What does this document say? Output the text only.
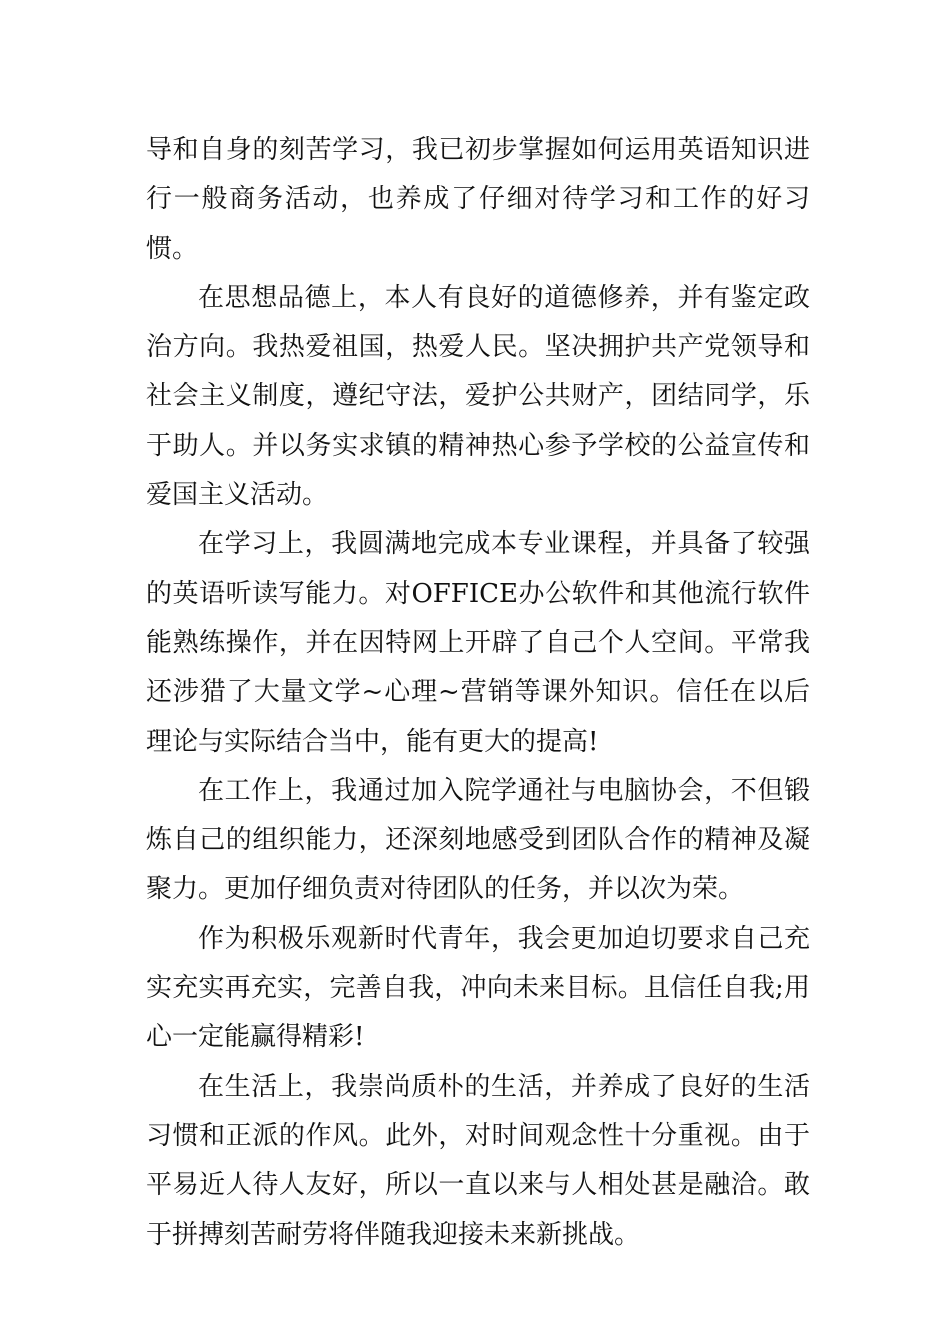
导和自身的刻苦学习，我已初步掌握如何运用英语知识进行一般商务活动，也养成了仔细对待学习和工作的好习惯。

在思想品德上，本人有良好的道德修养，并有鉴定政治方向。我热爱祖国，热爱人民。坚决拥护共产党领导和社会主义制度，遵纪守法，爱护公共财产，团结同学，乐于助人。并以务实求镇的精神热心参予学校的公益宣传和爱国主义活动。

在学习上，我圆满地完成本专业课程，并具备了较强的英语听读写能力。对OFFICE办公软件和其他流行软件能熟练操作，并在因特网上开辟了自己个人空间。平常我还涉猎了大量文学~心理~营销等课外知识。信任在以后理论与实际结合当中，能有更大的提高!

在工作上，我通过加入院学通社与电脑协会，不但锻炼自己的组织能力，还深刻地感受到团队合作的精神及凝聚力。更加仔细负责对待团队的任务，并以次为荣。

作为积极乐观新时代青年，我会更加迫切要求自己充实充实再充实，完善自我，冲向未来目标。且信任自我;用心一定能赢得精彩!

在生活上，我崇尚质朴的生活，并养成了良好的生活习惯和正派的作风。此外，对时间观念性十分重视。由于平易近人待人友好，所以一直以来与人相处甚是融洽。敢于拼搏刻苦耐劳将伴随我迎接未来新挑战。
